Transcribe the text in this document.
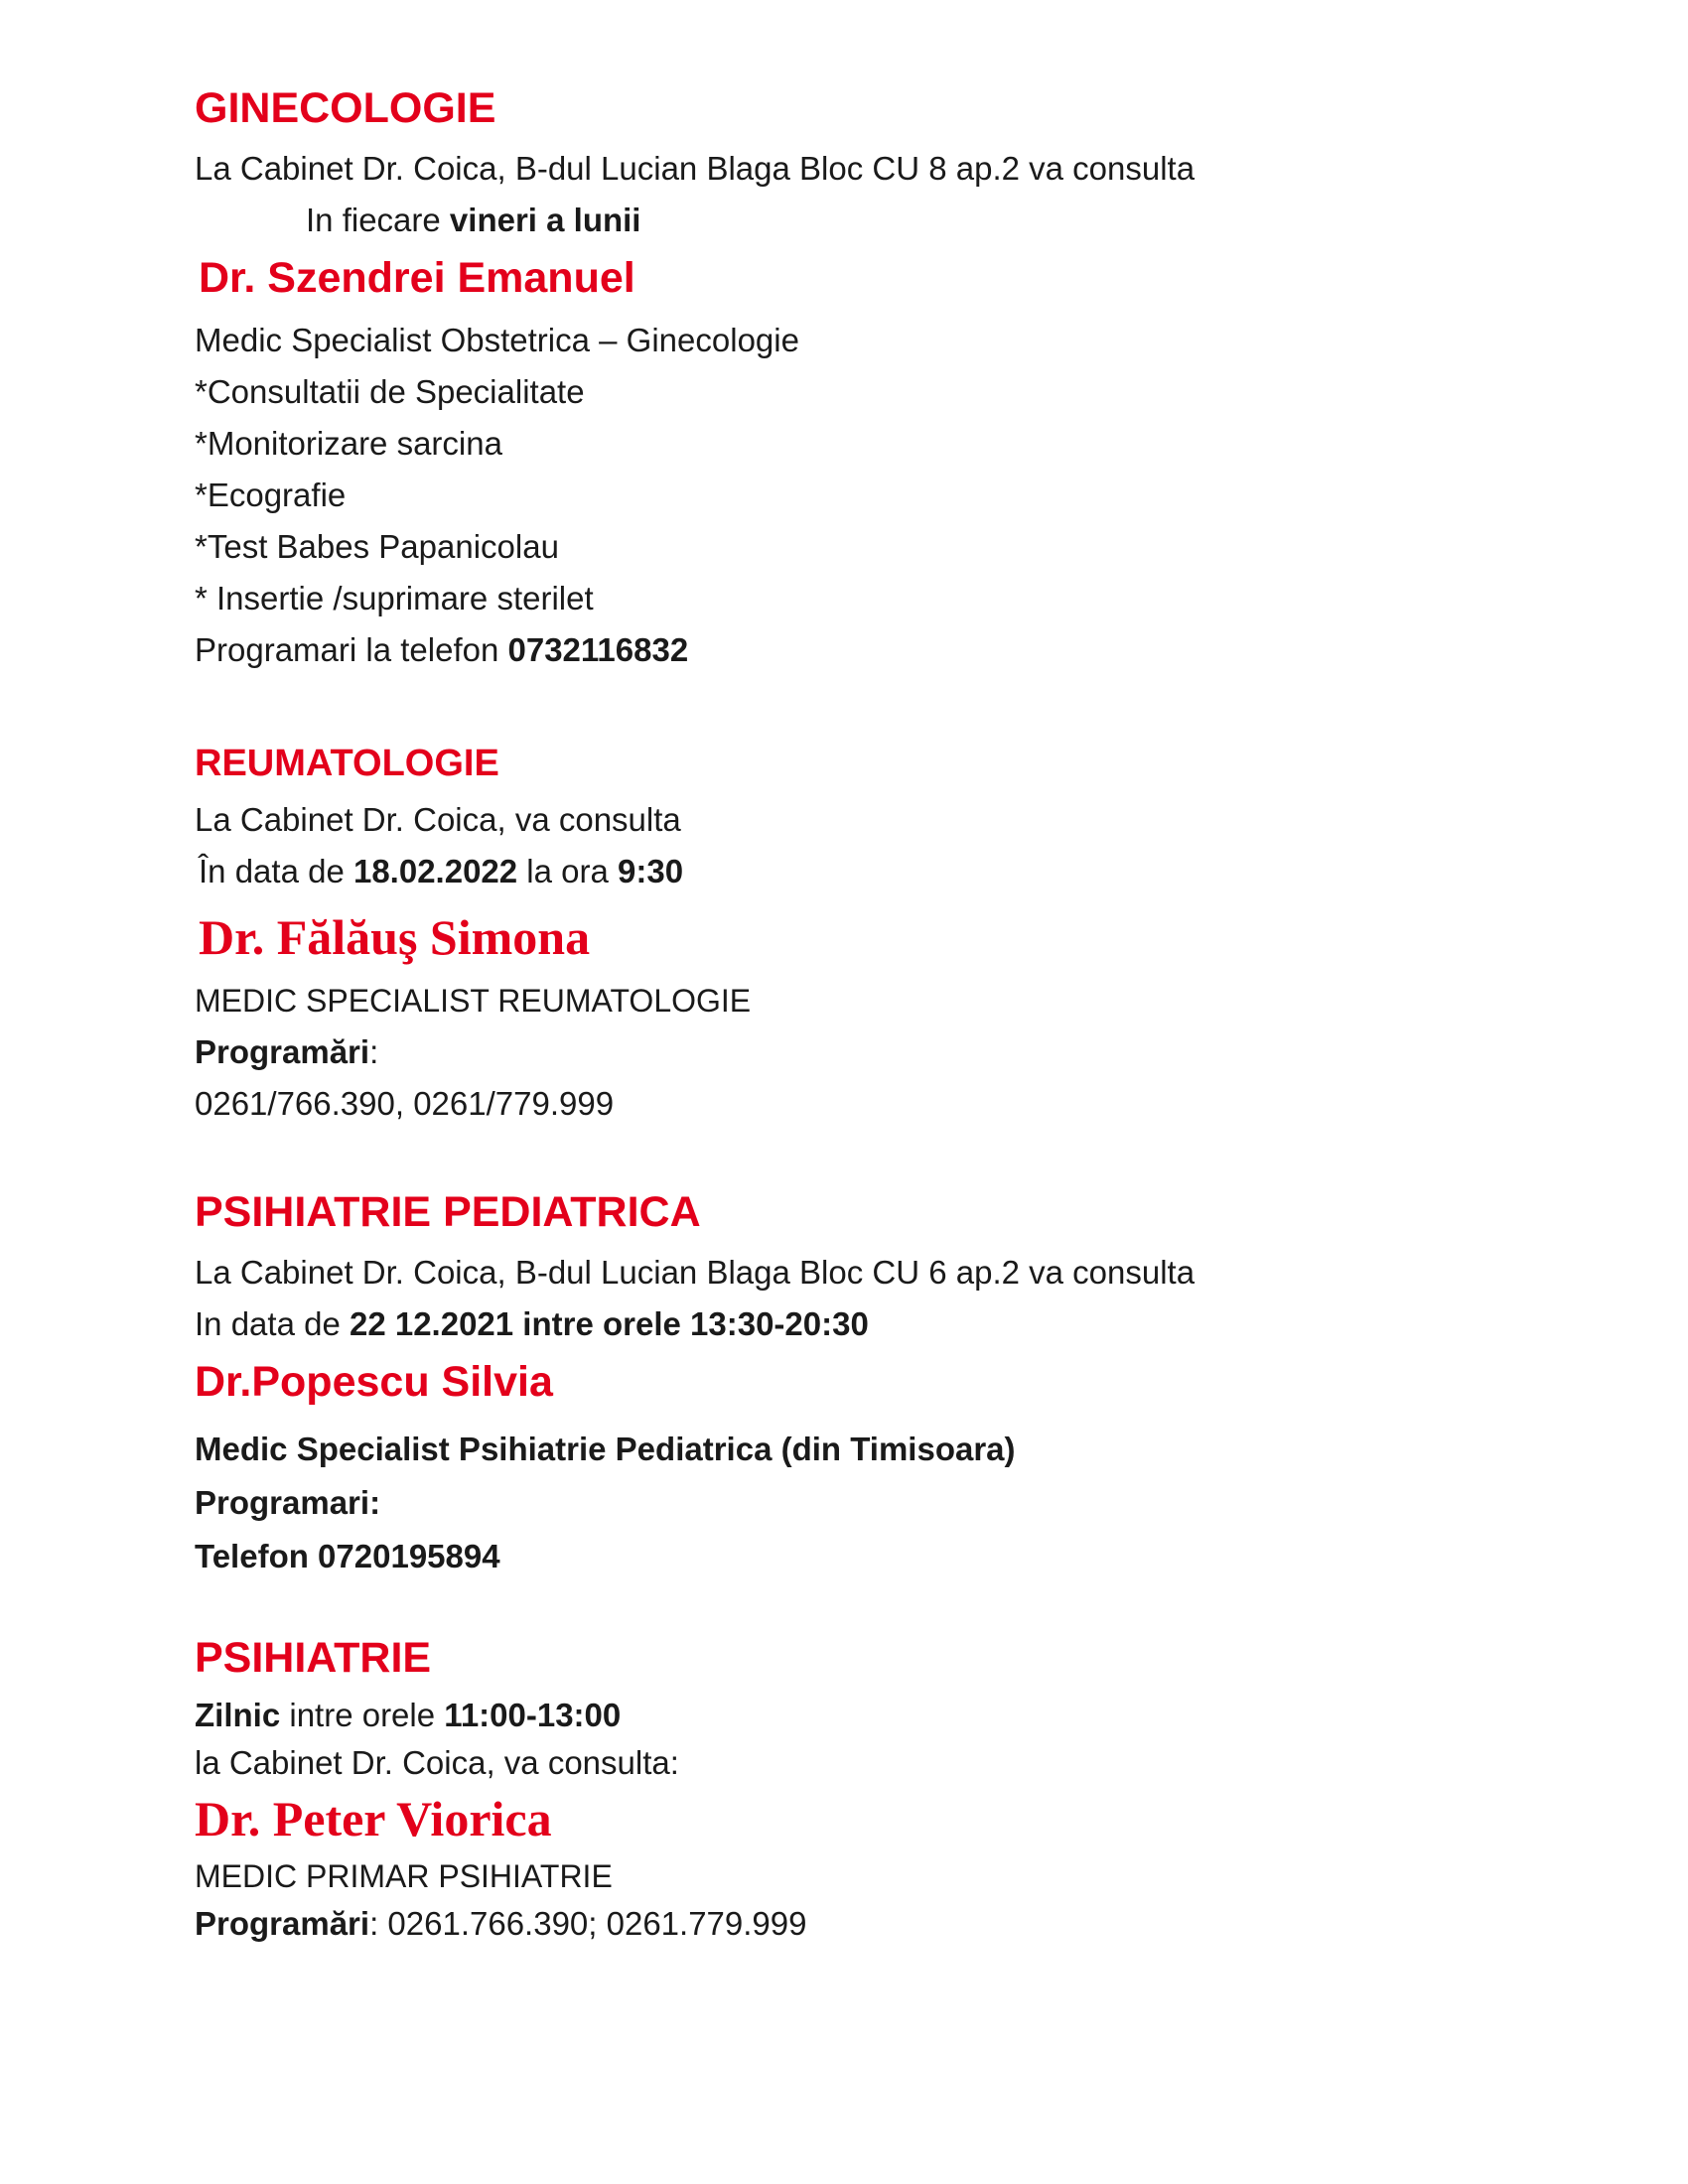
GINECOLOGIE
La Cabinet Dr. Coica, B-dul Lucian Blaga Bloc CU 8 ap.2 va consulta
In fiecare vineri a lunii
Dr. Szendrei Emanuel
Medic Specialist Obstetrica – Ginecologie
*Consultatii de Specialitate
*Monitorizare sarcina
*Ecografie
*Test Babes Papanicolau
* Insertie /suprimare sterilet
Programari la telefon 0732116832
REUMATOLOGIE
La Cabinet Dr. Coica, va consulta
În data de 18.02.2022 la ora 9:30
Dr. Fălăuş Simona
MEDIC SPECIALIST REUMATOLOGIE
Programări:
0261/766.390, 0261/779.999
PSIHIATRIE PEDIATRICA
La Cabinet Dr. Coica, B-dul Lucian Blaga Bloc CU 6 ap.2 va consulta
In data de 22 12.2021 intre orele 13:30-20:30
Dr.Popescu Silvia
Medic Specialist Psihiatrie Pediatrica (din Timisoara)
Programari:
Telefon 0720195894
PSIHIATRIE
Zilnic intre orele 11:00-13:00
la Cabinet Dr. Coica, va consulta:
Dr. Peter Viorica
MEDIC PRIMAR PSIHIATRIE
Programări: 0261.766.390; 0261.779.999
